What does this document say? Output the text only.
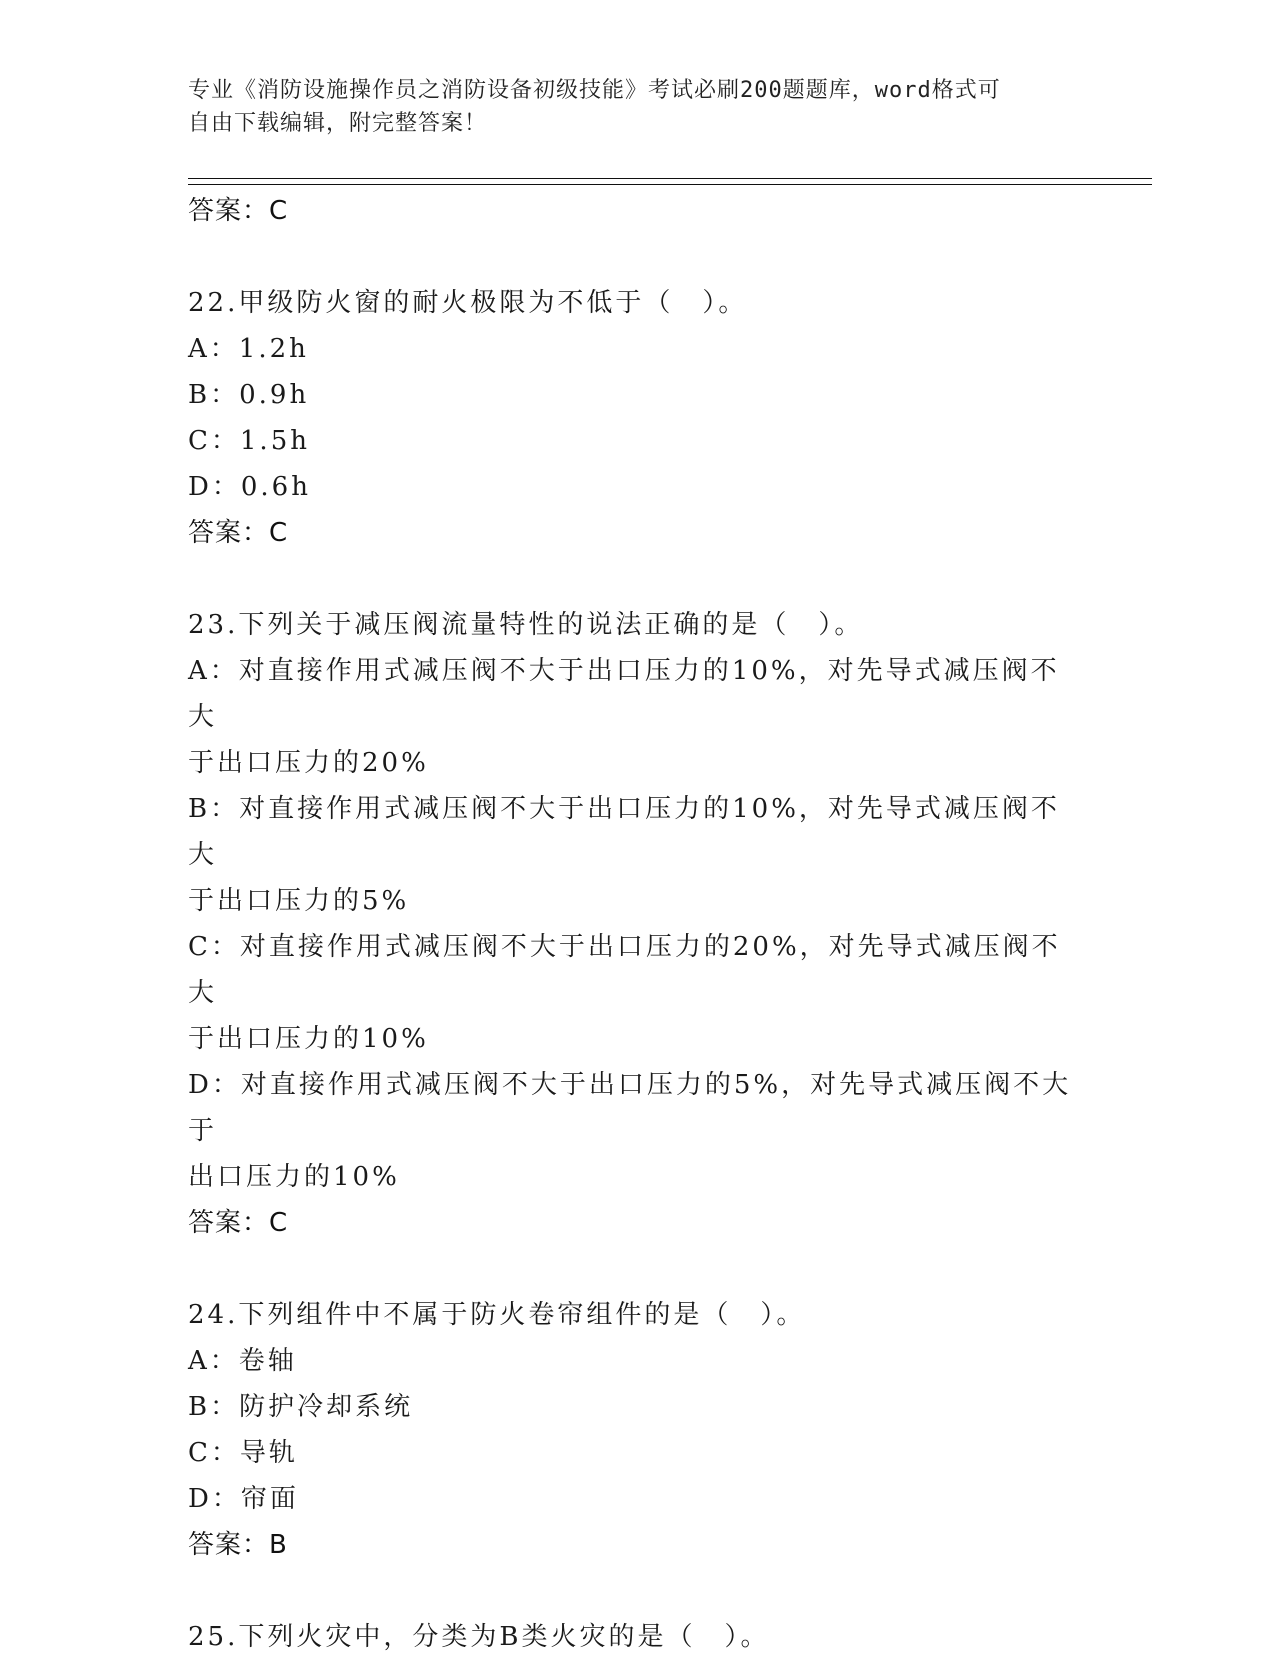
专业《消防设施操作员之消防设备初级技能》考试必刷200题题库，word格式可
自由下载编辑，附完整答案！
答案：C
22.甲级防火窗的耐火极限为不低于（　）。
A：1.2h
B：0.9h
C：1.5h
D：0.6h
答案：C
23.下列关于减压阀流量特性的说法正确的是（　）。
A：对直接作用式减压阀不大于出口压力的10%，对先导式减压阀不大
于出口压力的20%
B：对直接作用式减压阀不大于出口压力的10%，对先导式减压阀不大
于出口压力的5%
C：对直接作用式减压阀不大于出口压力的20%，对先导式减压阀不大
于出口压力的10%
D：对直接作用式减压阀不大于出口压力的5%，对先导式减压阀不大于
出口压力的10%
答案：C
24.下列组件中不属于防火卷帘组件的是（　）。
A：卷轴
B：防护冷却系统
C：导轨
D：帘面
答案：B
25.下列火灾中，分类为B类火灾的是（　）。
